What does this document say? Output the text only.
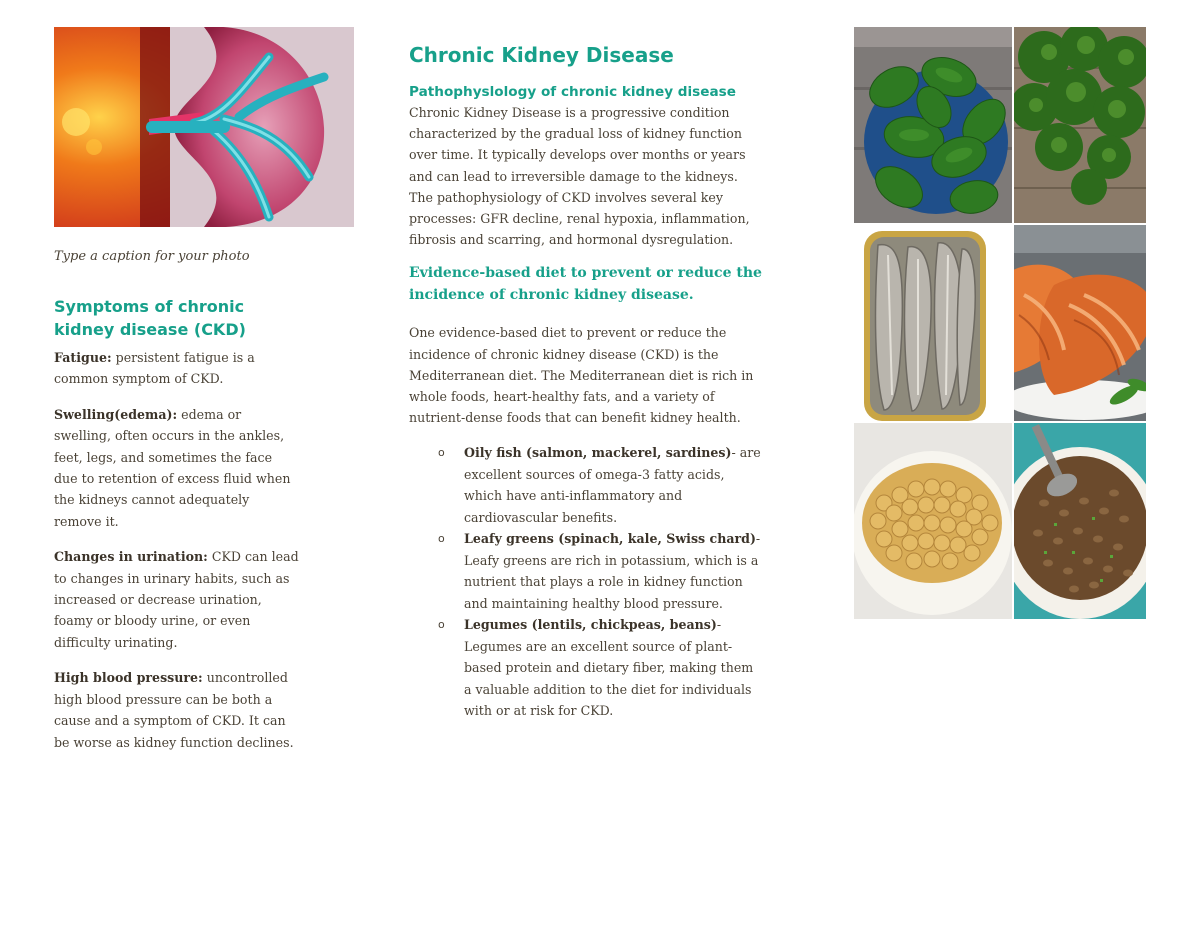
Type a caption for your photo
Symptoms of chronic kidney disease (CKD)

Fatigue: persistent fatigue is a common symptom of CKD.

Swelling(edema): edema or swelling, often occurs in the ankles, feet, legs, and sometimes the face due to retention of excess fluid when the kidneys cannot adequately remove it.

Changes in urination: CKD can lead to changes in urinary habits, such as increased or decrease urination, foamy or bloody urine, or even difficulty urinating.

High blood pressure: uncontrolled high blood pressure can be both a cause and a symptom of CKD. It can be worse as kidney function declines.

Chronic Kidney Disease
Pathophyslology of chronic kidney disease

Chronic Kidney Disease is a progressive condition characterized by the gradual loss of kidney function over time. It typically develops over months or years and can lead to irreversible damage to the kidneys. The pathophysiology of CKD involves several key processes: GFR decline, renal hypoxia, inflammation, fibrosis and scarring, and hormonal dysregulation.

Evidence-based diet to prevent or reduce the incidence of chronic kidney disease.

One evidence-based diet to prevent or reduce the incidence of chronic kidney disease (CKD) is the Mediterranean diet. The Mediterranean diet is rich in whole foods, heart-healthy fats, and a variety of nutrient-dense foods that can benefit kidney health.

o Oily fish (salmon, mackerel, sardines)- are excellent sources of omega-3 fatty acids, which have anti-inflammatory and cardiovascular benefits.
o Leafy greens (spinach, kale, Swiss chard)- Leafy greens are rich in potassium, which is a nutrient that plays a role in kidney function and maintaining healthy blood pressure.
o Legumes (lentils, chickpeas, beans)- Legumes are an excellent source of plant-based protein and dietary fiber, making them a valuable addition to the diet for individuals with or at risk for CKD.
